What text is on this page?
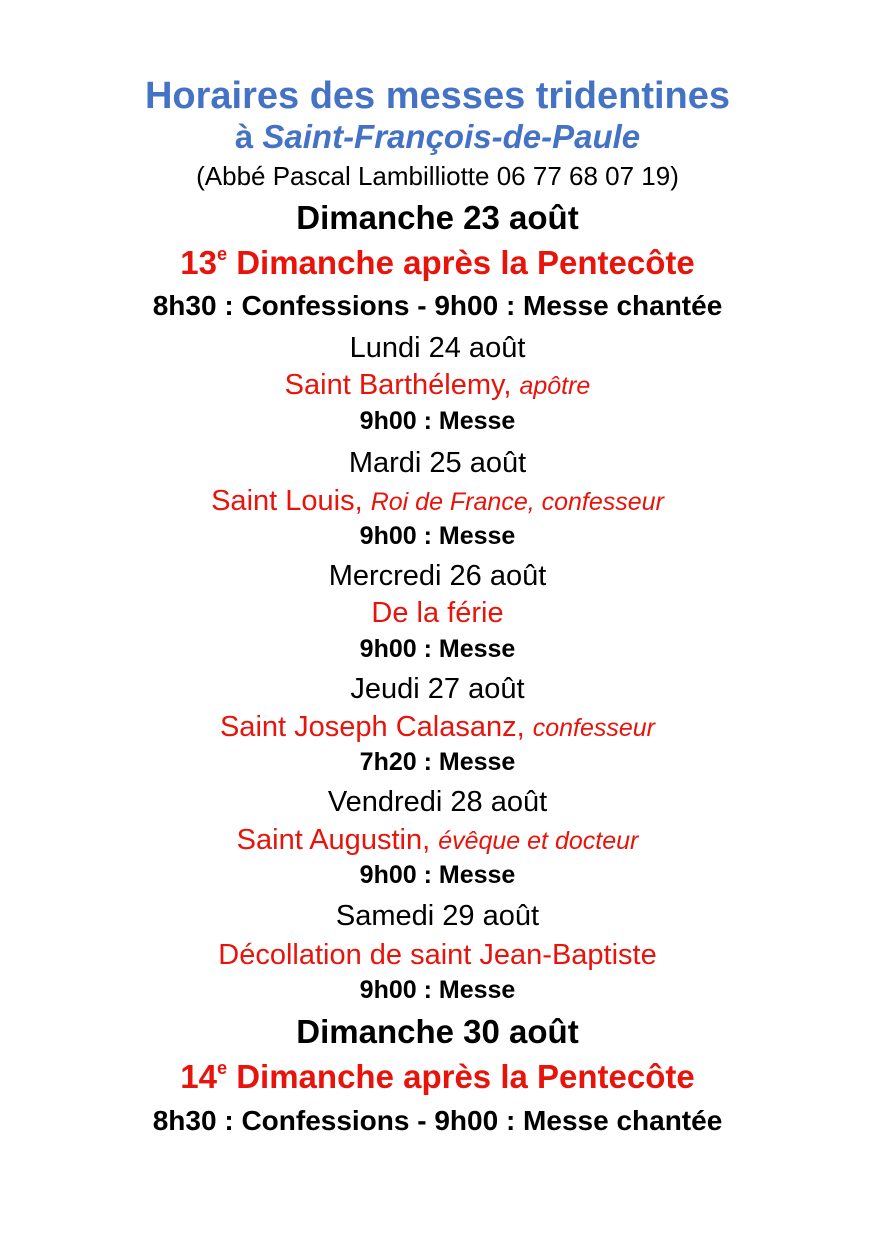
Horaires des messes tridentines
à Saint-François-de-Paule
(Abbé Pascal Lambilliotte 06 77 68 07 19)
Dimanche 23 août
13e Dimanche après la Pentecôte
8h30 : Confessions - 9h00 : Messe chantée
Lundi 24 août
Saint Barthélemy, apôtre
9h00 : Messe
Mardi 25 août
Saint Louis, Roi de France, confesseur
9h00 : Messe
Mercredi 26 août
De la férie
9h00 : Messe
Jeudi 27 août
Saint Joseph Calasanz, confesseur
7h20 : Messe
Vendredi 28 août
Saint Augustin, évêque et docteur
9h00 : Messe
Samedi 29 août
Décollation de saint Jean-Baptiste
9h00 : Messe
Dimanche 30 août
14e Dimanche après la Pentecôte
8h30 : Confessions - 9h00 : Messe chantée
